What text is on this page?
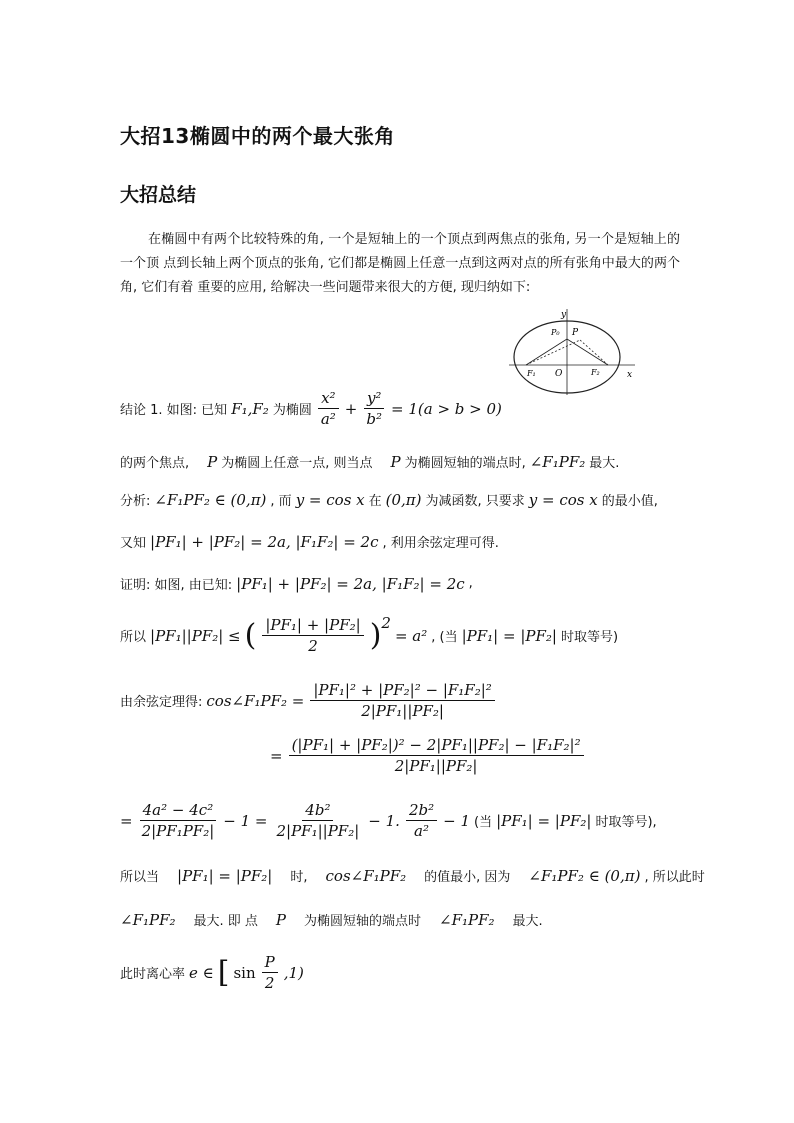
大招13椭圆中的两个最大张角
大招总结
在椭圆中有两个比较特殊的角, 一个是短轴上的一个顶点到两焦点的张角, 另一个是短轴上的一个顶 点到长轴上两个顶点的张角, 它们都是椭圆上任意一点到这两对点的所有张角中最大的两个角, 它们有着 重要的应用, 给解决一些问题带来很大的方便, 现归纳如下:
y
x
O
P₀ P
F₁	F₂
结论 1. 如图: 已知 F₁,F₂ 为椭圆 $\frac{\text{x²}}{\text{a²}} + \frac{\text{y²}}{\text{b²}} = 1(a > b > 0)$
的两个焦点, P 为椭圆上任意一点, 则当点 P 为椭圆短轴的端点时, ∠F₁PF₂ 最大.
分析: ∠F₁PF₂ ∈ (0,π) , 而 y = cos x 在 (0,π) 为减函数, 只要求 y = cos x 的最小值,
又知 |PF₁| + |PF₂| = 2a, |F₁F₂| = 2c , 利用余弦定理可得.
证明: 如图, 由已知: |PF₁| + |PF₂| = 2a, |F₁F₂| = 2c ,
所以 |PF₁||PF₂| ≤ ( $\frac{\text{|PF₁| + |PF₂|}}{2}$ ) 2
= a² , (当 |PF₁| = |PF₂| 时取等号)
由余弦定理得: cos∠F₁PF₂ = $\frac{\text{|PF₁|² + |PF₂|² − |F₁F₂|²}}{\text{2|PF₁||PF₂|}}$
= $\frac{\text{(|PF₁| + |PF₂|)² − 2|PF₁||PF₂| − |F₁F₂|²}}{\text{2|PF₁||PF₂|}}$
= $\frac{\text{4a² − 4c²}}{\text{2|PF₁PF₂|}} - 1 = \frac{\text{4b²}}{\text{2|PF₁||PF₂|}} - 1$. $\frac{\text{2b²}}{\text{a²}} - 1$ (当 |PF₁| = |PF₂| 时取等号),
所以当 |PF₁| = |PF₂| 时, cos∠F₁PF₂ 的值最小, 因为 ∠F₁PF₂ ∈ (0,π) , 所以此时
∠F₁PF₂ 最大. 即 点 P 为椭圆短轴的端点时 ∠F₁PF₂ 最大.
此时离心率 e ∈ [ $\sin \frac{P}{2} ,1$)
